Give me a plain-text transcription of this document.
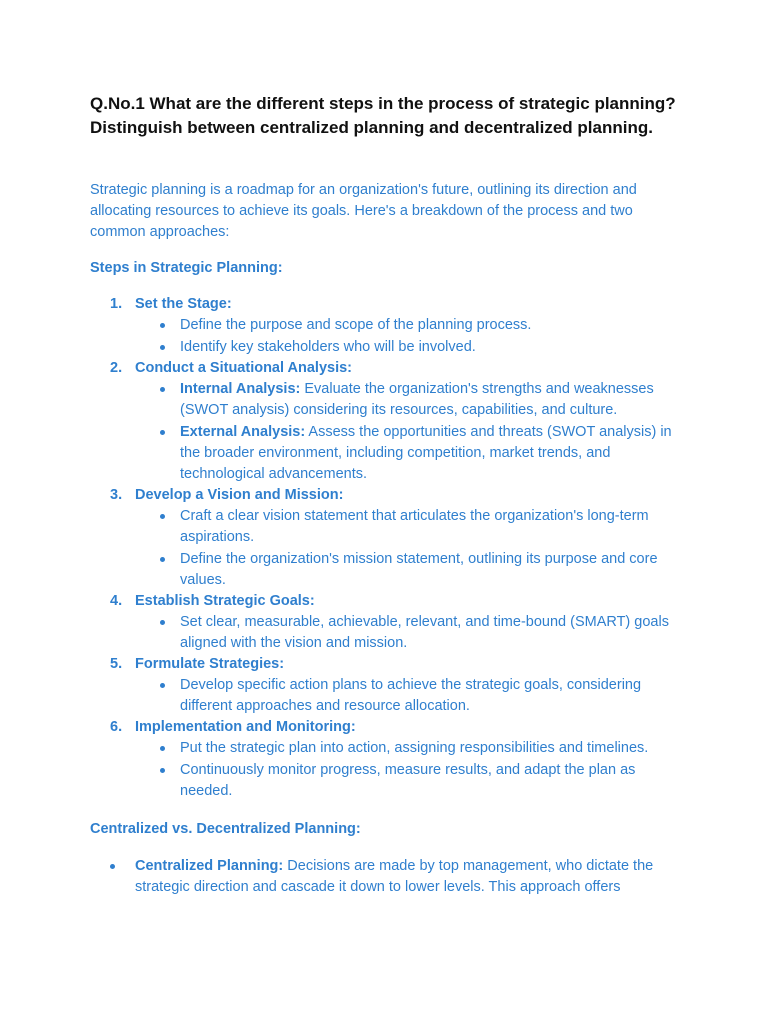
Q.No.1 What are the different steps in the process of strategic planning? Distinguish between centralized planning and decentralized planning.

Strategic planning is a roadmap for an organization's future, outlining its direction and allocating resources to achieve its goals. Here's a breakdown of the process and two common approaches:

Steps in Strategic Planning:

1. Set the Stage:
Define the purpose and scope of the planning process.
Identify key stakeholders who will be involved.
2. Conduct a Situational Analysis:
Internal Analysis: Evaluate the organization's strengths and weaknesses (SWOT analysis) considering its resources, capabilities, and culture.
External Analysis: Assess the opportunities and threats (SWOT analysis) in the broader environment, including competition, market trends, and technological advancements.
3. Develop a Vision and Mission:
Craft a clear vision statement that articulates the organization's long-term aspirations.
Define the organization's mission statement, outlining its purpose and core values.
4. Establish Strategic Goals:
Set clear, measurable, achievable, relevant, and time-bound (SMART) goals aligned with the vision and mission.
5. Formulate Strategies:
Develop specific action plans to achieve the strategic goals, considering different approaches and resource allocation.
6. Implementation and Monitoring:
Put the strategic plan into action, assigning responsibilities and timelines.
Continuously monitor progress, measure results, and adapt the plan as needed.

Centralized vs. Decentralized Planning:

Centralized Planning: Decisions are made by top management, who dictate the strategic direction and cascade it down to lower levels. This approach offers
